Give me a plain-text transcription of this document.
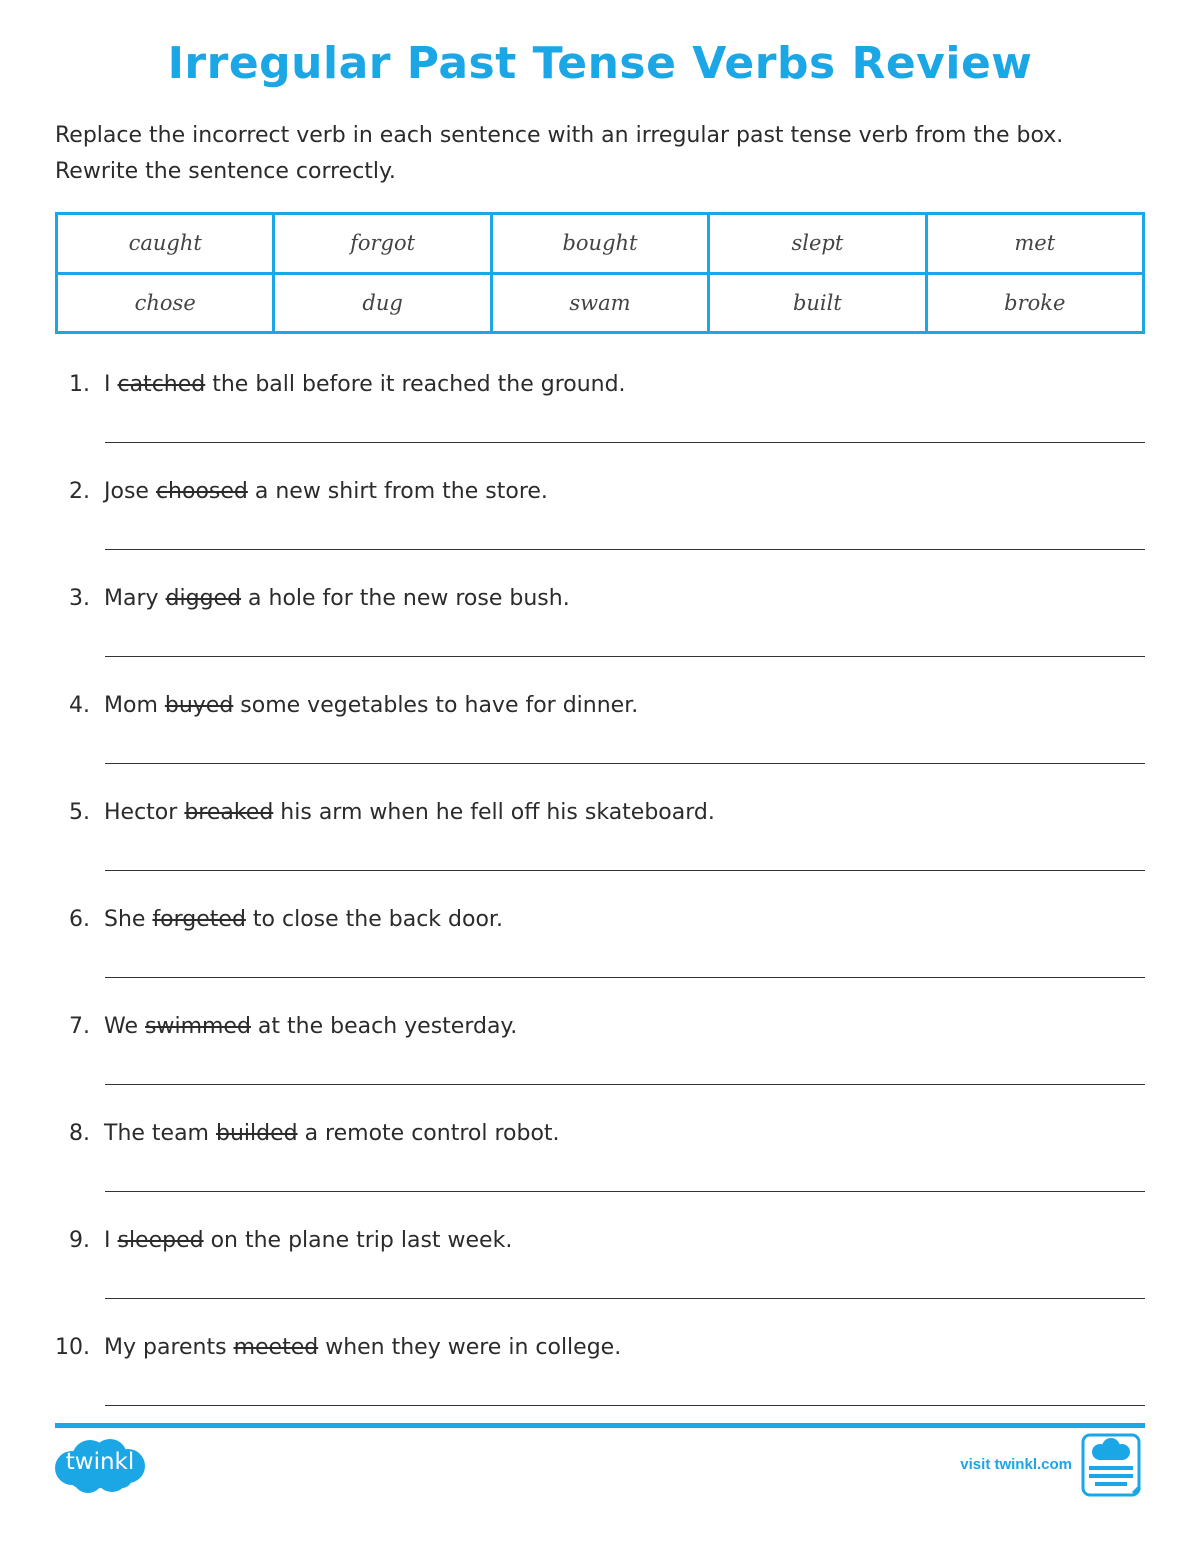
Irregular Past Tense Verbs Review

Replace the incorrect verb in each sentence with an irregular past tense verb from the box. Rewrite the sentence correctly.

caught	forgot	bought	slept	met
chose	dug	swam	built	broke
1. I catched the ball before it reached the ground.
2. Jose choosed a new shirt from the store.
3. Mary digged a hole for the new rose bush.
4. Mom buyed some vegetables to have for dinner.
5. Hector breaked his arm when he fell off his skateboard.
6. She forgeted to close the back door.
7. We swimmed at the beach yesterday.
8. The team builded a remote control robot.
9. I sleeped on the plane trip last week.
10. My parents meeted when they were in college.
twinkl	visit twinkl.com
